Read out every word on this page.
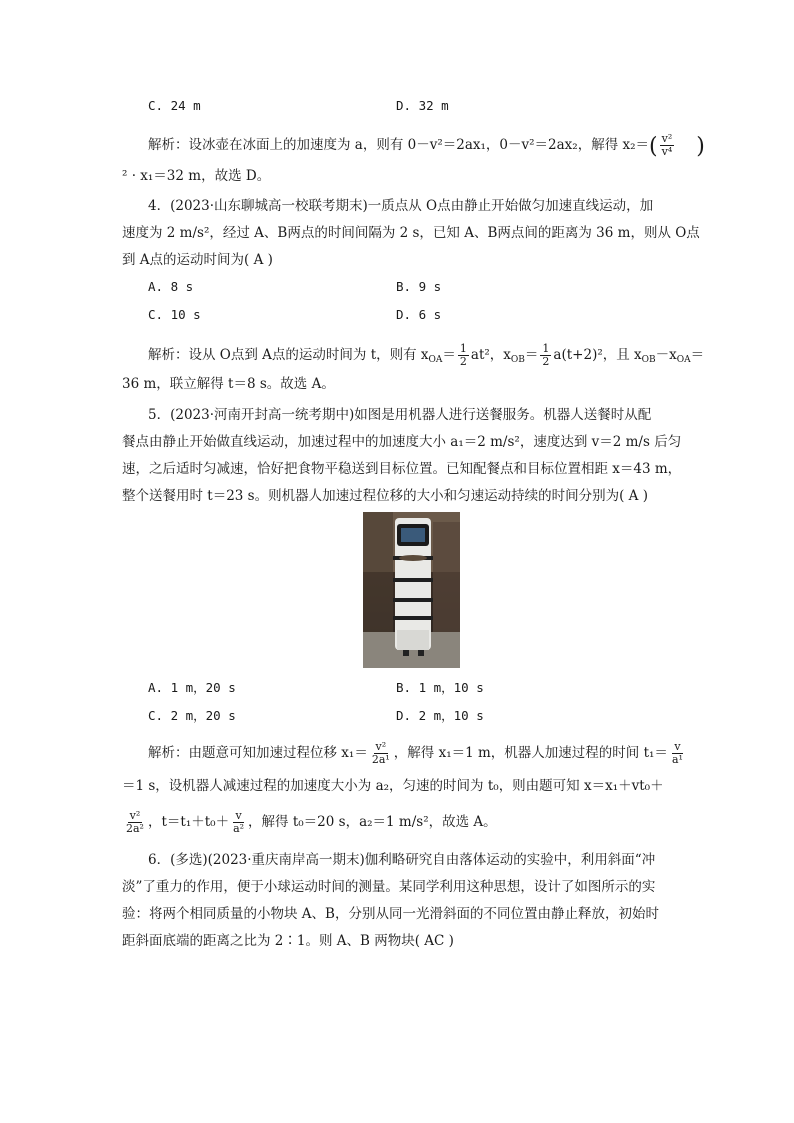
C. 24 m	D. 32 m
解析：设冰壶在冰面上的加速度为 a，则有 0－v²＝2ax₁，0－v²＝2ax₂，解得 $x_2=( \frac{\text{v²}}{\text{v⁴}}$ )
² · x₁＝32 m，故选 D。
4．(2023·山东聊城高一校联考期末)一质点从 O点由静止开始做匀加速直线运动，加
速度为 2 m/s²，经过 A、B两点的时间间隔为 2 s，已知 A、B两点间的距离为 36 m，则从 O点
到 A点的运动时间为( A )
A. 8 s	B. 9 s
C. 10 s	D. 6 s
解析：设从 O点到 A点的运动时间为 t，则有 $x_{OA}= \frac{1}{2} at^2$，$x_{OB}= \frac{1}{2} a(t+2)^2$，且 $x_{OB}-x_{OA}=$
36 m，联立解得 t＝8 s。故选 A。
5．(2023·河南开封高一统考期中)如图是用机器人进行送餐服务。机器人送餐时从配
餐点由静止开始做直线运动，加速过程中的加速度大小 a₁＝2 m/s²，速度达到 v＝2 m/s 后匀
速，之后适时匀减速，恰好把食物平稳送到目标位置。已知配餐点和目标位置相距 x＝43 m，
整个送餐用时 t＝23 s。则机器人加速过程位移的大小和匀速运动持续的时间分别为( A )
A. 1 m，20 s	B. 1 m，10 s
C. 2 m，20 s	D. 2 m，10 s
解析：由题意可知加速过程位移 $x_1= \frac{\text{v²}}{\text{2a¹}}$ ，解得 x₁＝1 m，机器人加速过程的时间 $t_1= \frac{v}{\text{a¹}}$
＝1 s，设机器人减速过程的加速度大小为 a₂，匀速的时间为 t₀，则由题可知 x＝x₁＋vt₀＋
$\frac{\text{v²}}{\text{2a²}}$ ，$t=t_1+t_0+ \frac{v}{\text{a²}}$ ，解得 t₀＝20 s，a₂＝1 m/s²，故选 A。
6．(多选)(2023·重庆南岸高一期末)伽利略研究自由落体运动的实验中，利用斜面“冲
淡”了重力的作用，便于小球运动时间的测量。某同学利用这种思想，设计了如图所示的实
验：将两个相同质量的小物块 A、B，分别从同一光滑斜面的不同位置由静止释放，初始时
距斜面底端的距离之比为 2∶1。则 A、B 两物块( AC )
